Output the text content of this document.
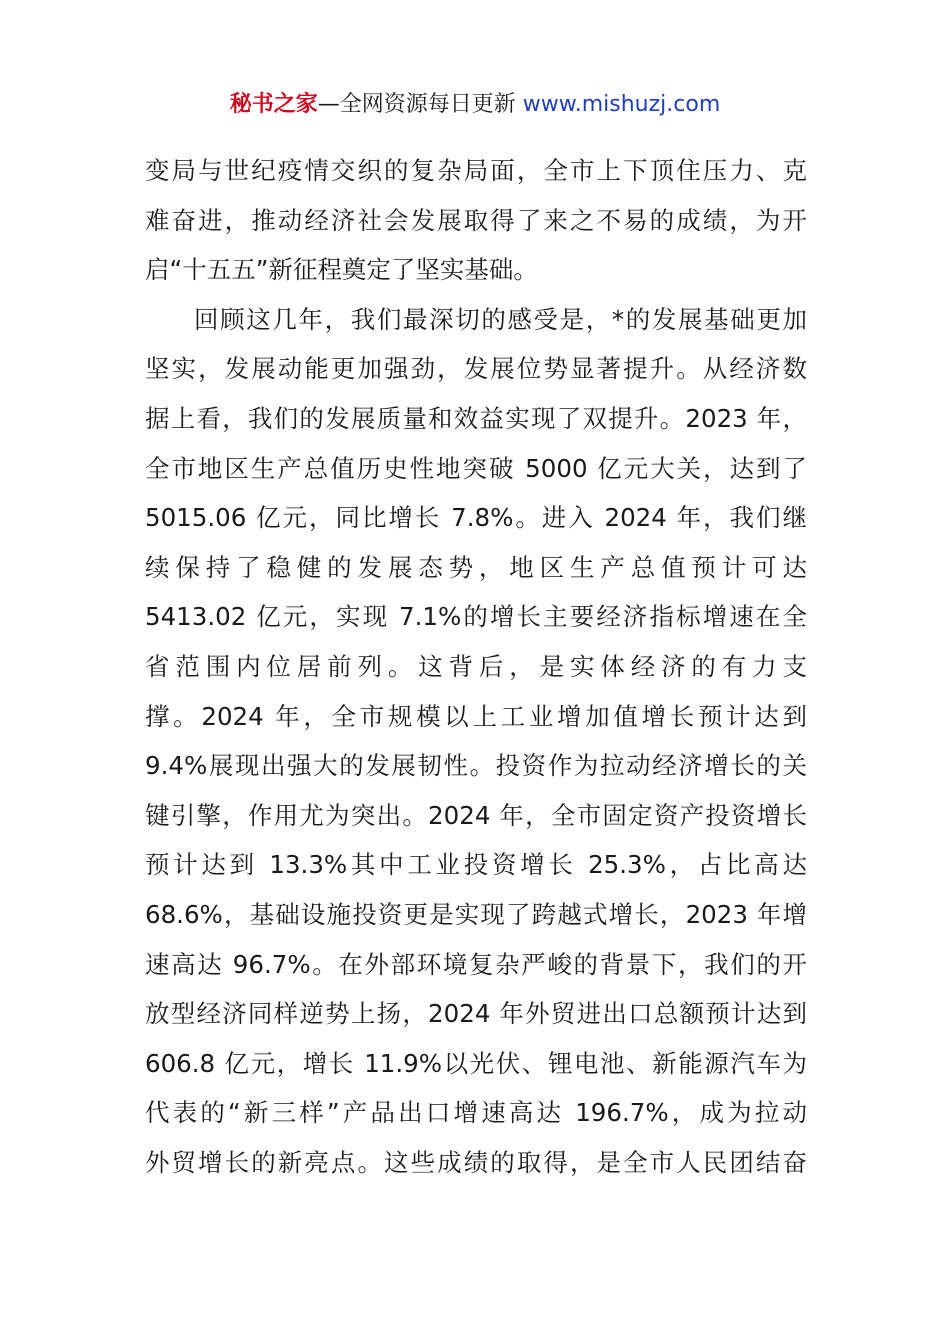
秘书之家—全网资源每日更新 www.mishuzj.com
变局与世纪疫情交织的复杂局面，全市上下顶住压力、克
难奋进，推动经济社会发展取得了来之不易的成绩，为开
启“十五五”新征程奠定了坚实基础。
回顾这几年，我们最深切的感受是，*的发展基础更加
坚实，发展动能更加强劲，发展位势显著提升。从经济数
据上看，我们的发展质量和效益实现了双提升。2023 年，
全市地区生产总值历史性地突破 5000 亿元大关，达到了
5015.06 亿元，同比增长 7.8%。进入 2024 年，我们继
续保持了稳健的发展态势，地区生产总值预计可达
5413.02 亿元，实现 7.1%的增长主要经济指标增速在全
省范围内位居前列。这背后，是实体经济的有力支
撑。2024 年，全市规模以上工业增加值增长预计达到
9.4%展现出强大的发展韧性。投资作为拉动经济增长的关
键引擎，作用尤为突出。2024 年，全市固定资产投资增长
预计达到 13.3%其中工业投资增长 25.3%，占比高达
68.6%，基础设施投资更是实现了跨越式增长，2023 年增
速高达 96.7%。在外部环境复杂严峻的背景下，我们的开
放型经济同样逆势上扬，2024 年外贸进出口总额预计达到
606.8 亿元，增长 11.9%以光伏、锂电池、新能源汽车为
代表的“新三样”产品出口增速高达 196.7%，成为拉动
外贸增长的新亮点。这些成绩的取得，是全市人民团结奋
